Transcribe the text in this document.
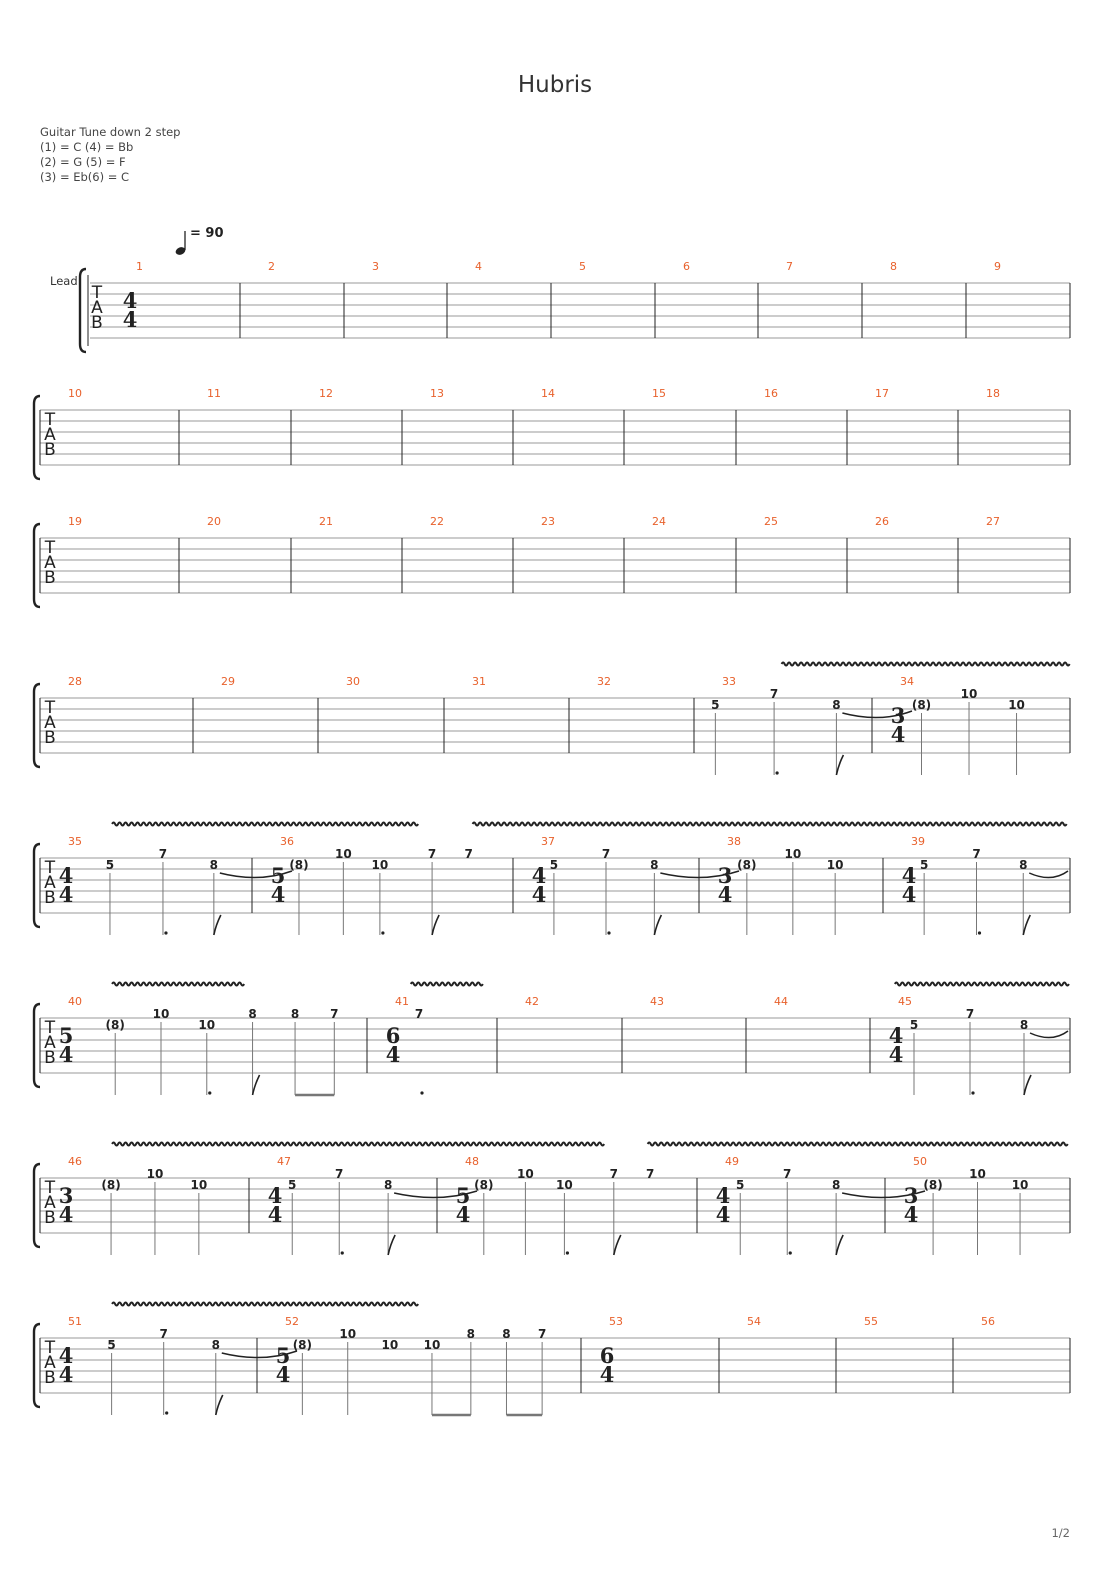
Hubris
Guitar Tune down 2 step
(1) = C (4) = Bb
(2) = G (5) = F
(3) = Eb(6) = C
= 90
Lead
T
A
B
1
4
4
2	3	4	5	6	7	8	9
T
A
B
10	11	12	13	14	15	16	17	18
T
A
B
19	20	21	22	23	24	25	26	27
T
A
B
28	29	30	31	32	33
5
7
8
34
3
4
(8)
10
10
T
A
B
35
4
4
5
7
8
36
5
4
(8)
10
10
7 7
37
4
4
5
7
8
38
3
4
(8)
10
10
39
4
4
5
7
8
T
A
B
40
5
4
(8)
10
10
8	8	7
41
6
4
7
42	43	44	45
4
4
5
7
8
T
A
B
46
3
4
(8)
10
10
47
4
4
5
7
8
48
5
4
(8)
10
10
7 7
49
4
4
5
7
8
50
3
4
(8)
10
10
T
A
B
51
4
4
5
7
8
52
5
4
(8)
10
10 10
8 8 7
53
6
4
54	55	56
1/2
